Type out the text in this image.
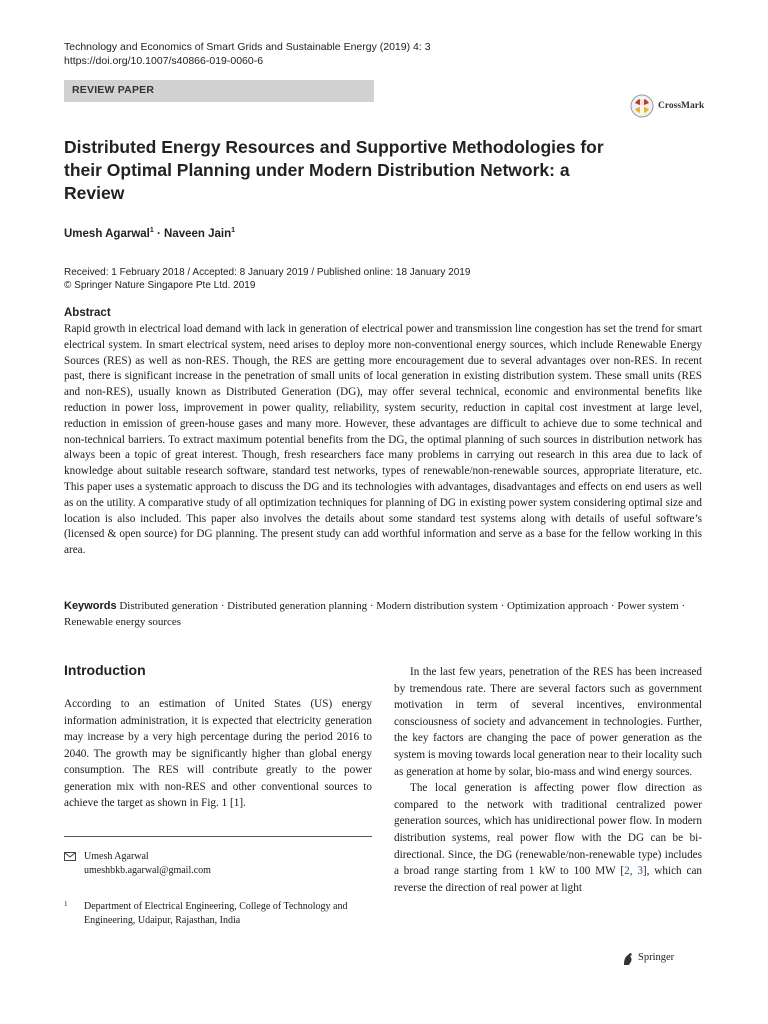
Technology and Economics of Smart Grids and Sustainable Energy (2019) 4: 3
https://doi.org/10.1007/s40866-019-0060-6
REVIEW PAPER
CrossMark
Distributed Energy Resources and Supportive Methodologies for their Optimal Planning under Modern Distribution Network: a Review
Umesh Agarwal$^1$ · Naveen Jain$^1$
Received: 1 February 2018 / Accepted: 8 January 2019 / Published online: 18 January 2019
© Springer Nature Singapore Pte Ltd. 2019
Abstract
Rapid growth in electrical load demand with lack in generation of electrical power and transmission line congestion has set the trend for smart electrical system. In smart electrical system, need arises to deploy more non-conventional energy sources, which include Renewable Energy Sources (RES) as well as non-RES. Though, the RES are getting more encouragement due to several advantages over non-RES. In recent past, there is significant increase in the penetration of small units of local generation in existing distribution system. These small units (RES and non-RES), usually known as Distributed Generation (DG), may offer several technical, economic and environmental benefits like reduction in power loss, improvement in power quality, reliability, system security, reduction in capital cost investment at large level, reduction in emission of green-house gases and many more. However, these advantages are difficult to achieve due to some technical and non-technical barriers. To extract maximum potential benefits from the DG, the optimal planning of such sources in distribution network has always been a topic of great interest. Though, fresh researchers face many problems in carrying out research in this area due to lack of knowledge about suitable research software, standard test networks, types of renewable/non-renewable sources, appropriate literature, etc. This paper uses a systematic approach to discuss the DG and its technologies with advantages, disadvantages and effects on end users as well as on the utility. A comparative study of all optimization techniques for planning of DG in existing power system considering optimal size and location is also included. This paper also involves the details about some standard test systems along with details of useful software’s (licensed & open source) for DG planning. The present study can add worthful information and serve as a base for the fellow working in this area.
Keywords Distributed generation · Distributed generation planning · Modern distribution system · Optimization approach · Power system · Renewable energy sources
Introduction
According to an estimation of United States (US) energy information administration, it is expected that electricity generation may increase by a very high percentage during the period 2016 to 2040. The growth may be significantly higher than global energy consumption. The RES will contribute greatly to the power generation mix with non-RES and other conventional sources to achieve the target as shown in Fig. 1 [1].
Umesh Agarwal
umeshbkb.agarwal@gmail.com
1 Department of Electrical Engineering, College of Technology and Engineering, Udaipur, Rajasthan, India

In the last few years, penetration of the RES has been increased by tremendous rate. There are several factors such as government motivation in term of several incentives, environmental consciousness of society and advancement in technologies. Further, the key factors are changing the pace of power generation as the system is moving towards local generation near to their locality such as generation at home by solar, bio-mass and wind energy sources.

The local generation is affecting power flow direction as compared to the network with traditional centralized power generation sources, which has unidirectional power flow. In modern distribution systems, real power flow with the DG can be bi-directional. Since, the DG (renewable/non-renewable type) includes a broad range starting from 1 kW to 100 MW [2, 3], which can reverse the direction of real power at light

Springer
